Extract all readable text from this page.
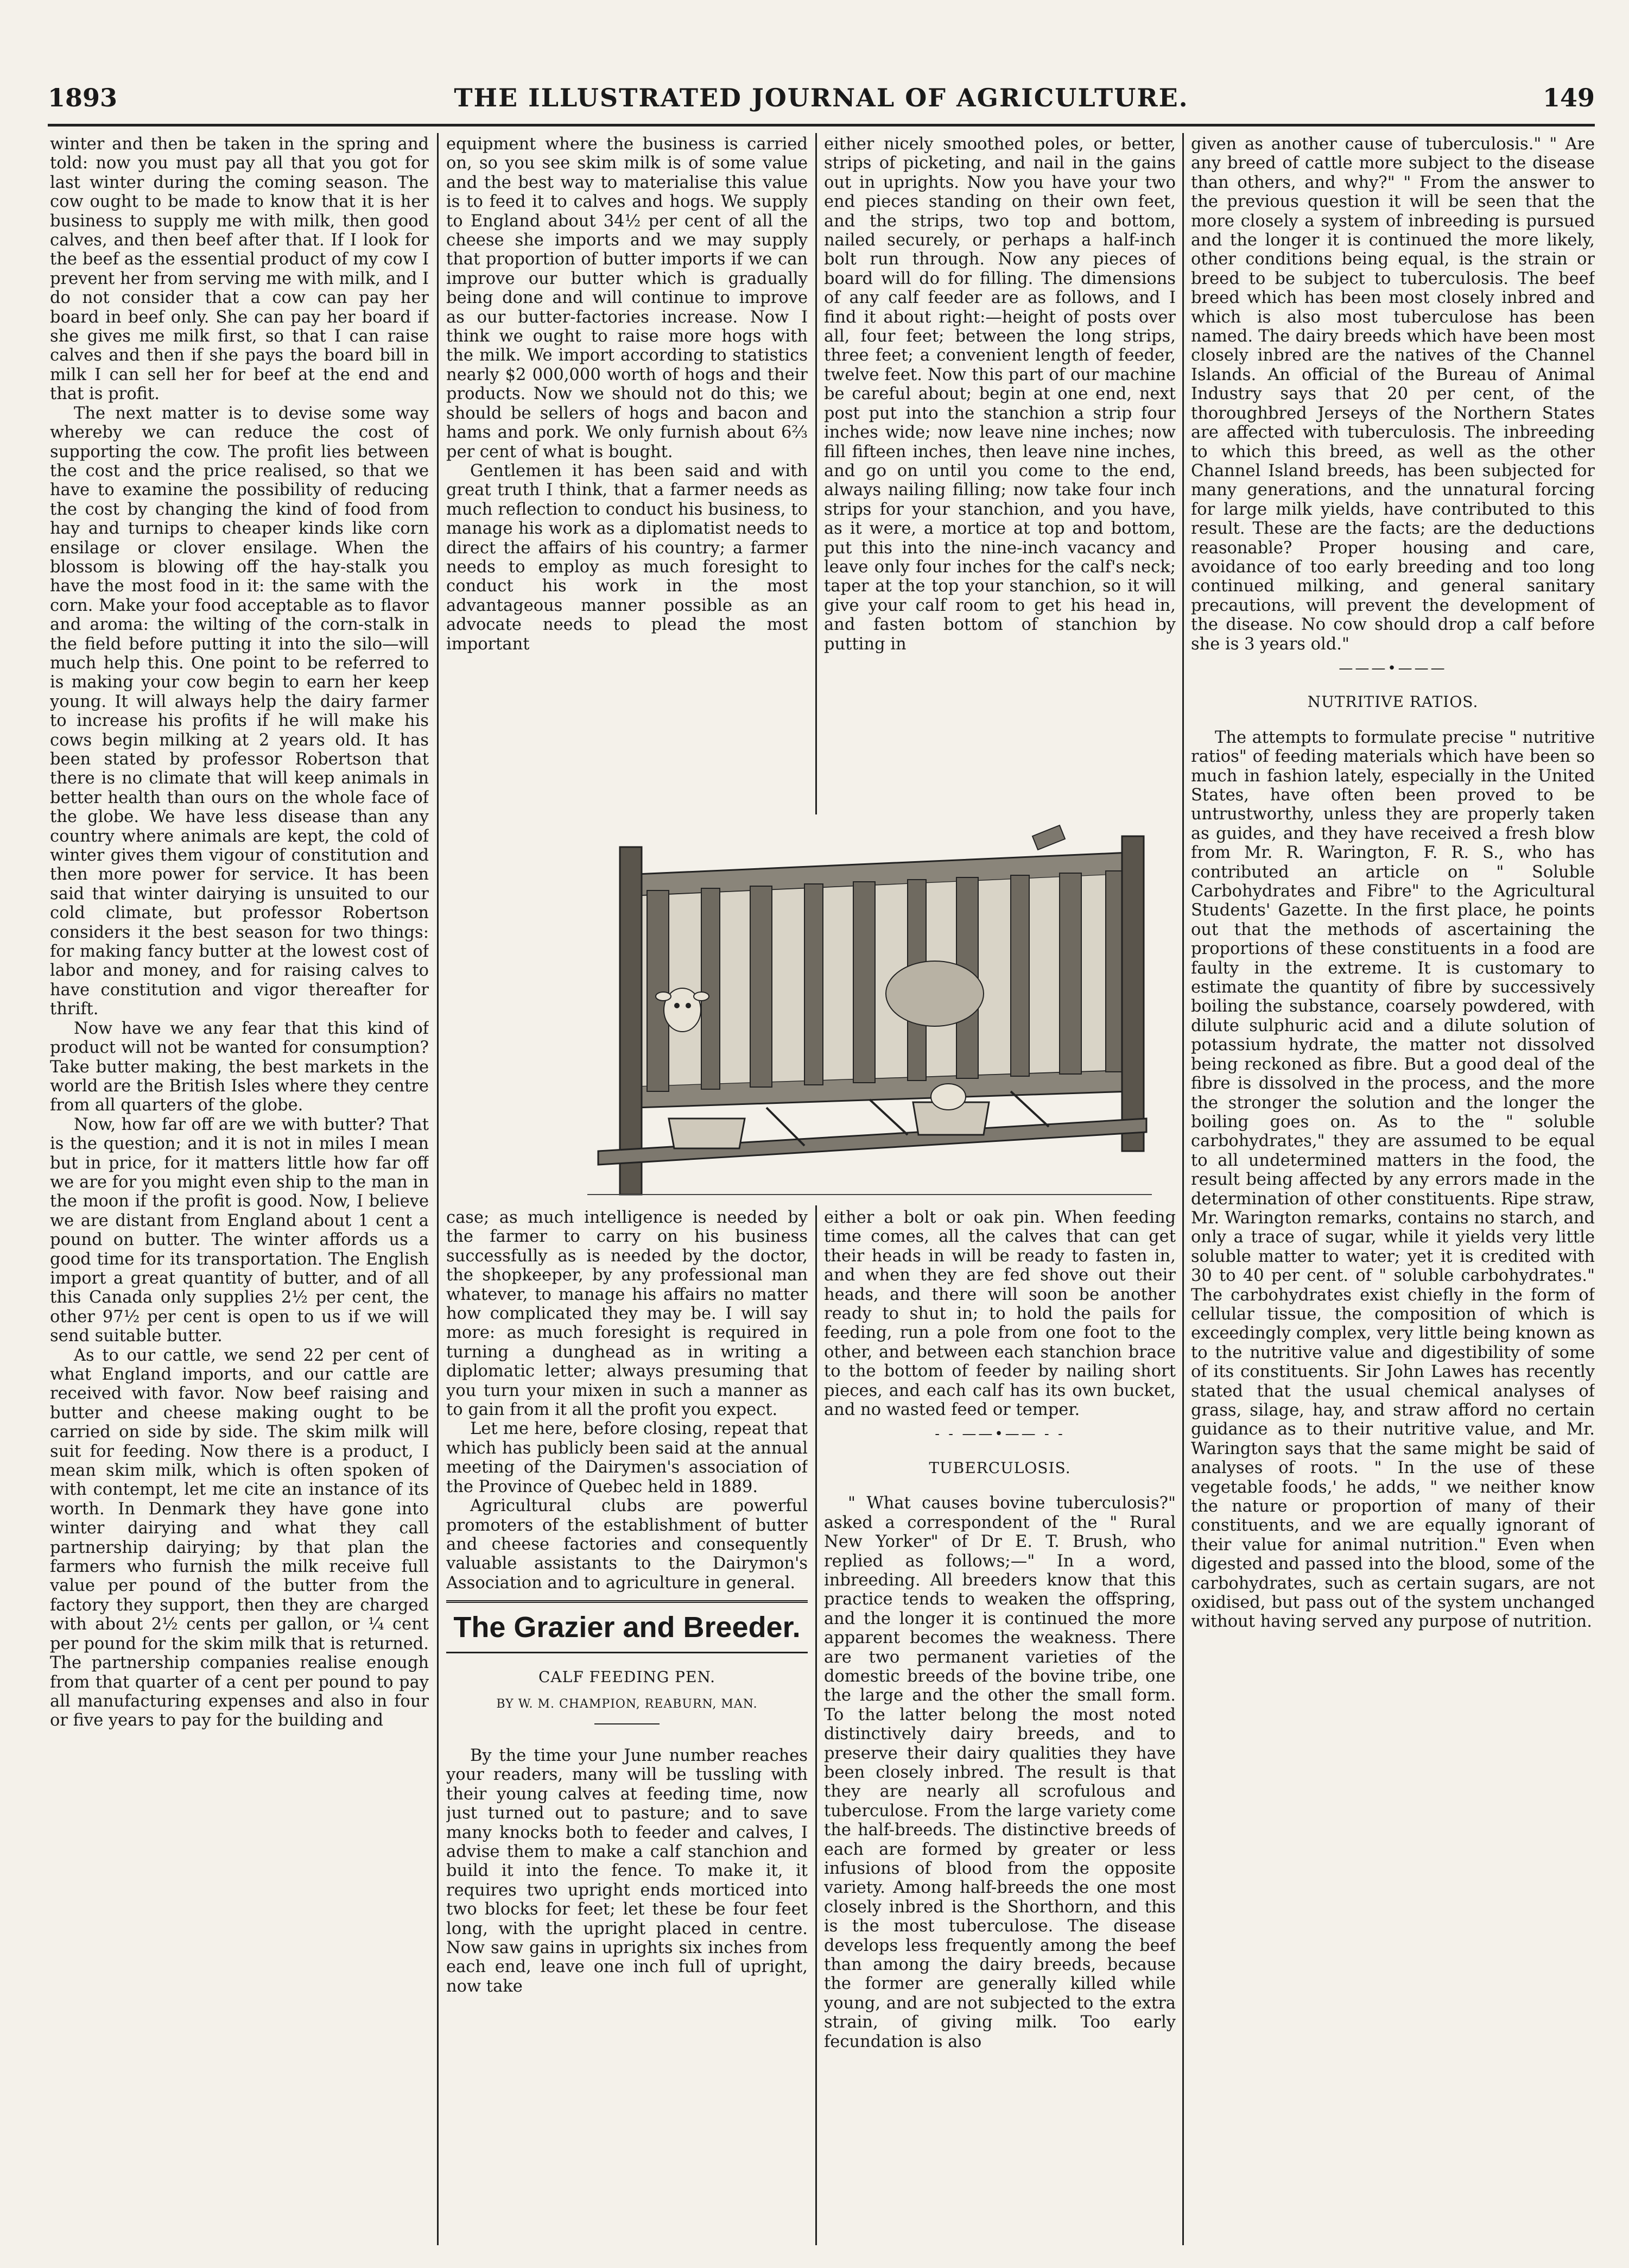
1893	THE ILLUSTRATED JOURNAL OF AGRICULTURE.	149

winter and then be taken in the spring and told: now you must pay all that you got for last winter during the coming season. The cow ought to be made to know that it is her business to supply me with milk, then good calves, and then beef after that. If I look for the beef as the essential product of my cow I prevent her from serving me with milk, and I do not consider that a cow can pay her board in beef only. She can pay her board if she gives me milk first, so that I can raise calves and then if she pays the board bill in milk I can sell her for beef at the end and that is profit.

The next matter is to devise some way whereby we can reduce the cost of supporting the cow. The profit lies between the cost and the price realised, so that we have to examine the possibility of reducing the cost by changing the kind of food from hay and turnips to cheaper kinds like corn ensilage or clover ensilage. When the blossom is blowing off the hay-stalk you have the most food in it: the same with the corn. Make your food acceptable as to flavor and aroma: the wilting of the corn-stalk in the field before putting it into the silo—will much help this. One point to be referred to is making your cow begin to earn her keep young. It will always help the dairy farmer to increase his profits if he will make his cows begin milking at 2 years old. It has been stated by professor Robertson that there is no climate that will keep animals in better health than ours on the whole face of the globe. We have less disease than any country where animals are kept, the cold of winter gives them vigour of constitution and then more power for service. It has been said that winter dairying is unsuited to our cold climate, but professor Robertson considers it the best season for two things: for making fancy butter at the lowest cost of labor and money, and for raising calves to have constitution and vigor thereafter for thrift.

Now have we any fear that this kind of product will not be wanted for consumption? Take butter making, the best markets in the world are the British Isles where they centre from all quarters of the globe.

Now, how far off are we with butter? That is the question; and it is not in miles I mean but in price, for it matters little how far off we are for you might even ship to the man in the moon if the profit is good. Now, I believe we are distant from England about 1 cent a pound on butter. The winter affords us a good time for its transportation. The English import a great quantity of butter, and of all this Canada only supplies 2½ per cent, the other 97½ per cent is open to us if we will send suitable butter.

As to our cattle, we send 22 per cent of what England imports, and our cattle are received with favor. Now beef raising and butter and cheese making ought to be carried on side by side. The skim milk will suit for feeding. Now there is a product, I mean skim milk, which is often spoken of with contempt, let me cite an instance of its worth. In Denmark they have gone into winter dairying and what they call partnership dairying; by that plan the farmers who furnish the milk receive full value per pound of the butter from the factory they support, then they are charged with about 2½ cents per gallon, or ¼ cent per pound for the skim milk that is returned. The partnership companies realise enough from that quarter of a cent per pound to pay all manufacturing expenses and also in four or five years to pay for the building and

equipment where the business is carried on, so you see skim milk is of some value and the best way to materialise this value is to feed it to calves and hogs. We supply to England about 34½ per cent of all the cheese she imports and we may supply that proportion of butter imports if we can improve our butter which is gradually being done and will continue to improve as our butter-factories increase. Now I think we ought to raise more hogs with the milk. We import according to statistics nearly $2 000,000 worth of hogs and their products. Now we should not do this; we should be sellers of hogs and bacon and hams and pork. We only furnish about 6⅔ per cent of what is bought.

Gentlemen it has been said and with great truth I think, that a farmer needs as much reflection to conduct his business, to manage his work as a diplomatist needs to direct the affairs of his country; a farmer needs to employ as much foresight to conduct his work in the most advantageous manner possible as an advocate needs to plead the most important

either nicely smoothed poles, or better, strips of picketing, and nail in the gains out in uprights. Now you have your two end pieces standing on their own feet, and the strips, two top and bottom, nailed securely, or perhaps a half-inch bolt run through. Now any pieces of board will do for filling. The dimensions of any calf feeder are as follows, and I find it about right:—height of posts over all, four feet; between the long strips, three feet; a convenient length of feeder, twelve feet. Now this part of our machine be careful about; begin at one end, next post put into the stanchion a strip four inches wide; now leave nine inches; now fill fifteen inches, then leave nine inches, and go on until you come to the end, always nailing filling; now take four inch strips for your stanchion, and you have, as it were, a mortice at top and bottom, put this into the nine-inch vacancy and leave only four inches for the calf's neck; taper at the top your stanchion, so it will give your calf room to get his head in, and fasten bottom of stanchion by putting in

case; as much intelligence is needed by the farmer to carry on his business successfully as is needed by the doctor, the shopkeeper, by any professional man whatever, to manage his affairs no matter how complicated they may be. I will say more: as much foresight is required in turning a dunghead as in writing a diplomatic letter; always presuming that you turn your mixen in such a manner as to gain from it all the profit you expect.

Let me here, before closing, repeat that which has publicly been said at the annual meeting of the Dairymen's association of the Province of Quebec held in 1889.

Agricultural clubs are powerful promoters of the establishment of butter and cheese factories and consequently valuable assistants to the Dairymon's Association and to agriculture in general.

The Grazier and Breeder.
CALF FEEDING PEN.
BY W. M. CHAMPION, REABURN, MAN.

By the time your June number reaches your readers, many will be tussling with their young calves at feeding time, now just turned out to pasture; and to save many knocks both to feeder and calves, I advise them to make a calf stanchion and build it into the fence. To make it, it requires two upright ends morticed into two blocks for feet; let these be four feet long, with the upright placed in centre. Now saw gains in uprights six inches from each end, leave one inch full of upright, now take

either a bolt or oak pin. When feeding time comes, all the calves that can get their heads in will be ready to fasten in, and when they are fed shove out their heads, and there will soon be another ready to shut in; to hold the pails for feeding, run a pole from one foot to the other, and between each stanchion brace to the bottom of feeder by nailing short pieces, and each calf has its own bucket, and no wasted feed or temper.

- - ——•—— - -
TUBERCULOSIS.

" What causes bovine tuberculosis?" asked a correspondent of the " Rural New Yorker" of Dr E. T. Brush, who replied as follows;—" In a word, inbreeding. All breeders know that this practice tends to weaken the offspring, and the longer it is continued the more apparent becomes the weakness. There are two permanent varieties of the domestic breeds of the bovine tribe, one the large and the other the small form. To the latter belong the most noted distinctively dairy breeds, and to preserve their dairy qualities they have been closely inbred. The result is that they are nearly all scrofulous and tuberculose. From the large variety come the half-breeds. The distinctive breeds of each are formed by greater or less infusions of blood from the opposite variety. Among half-breeds the one most closely inbred is the Shorthorn, and this is the most tuberculose. The disease develops less frequently among the beef than among the dairy breeds, because the former are generally killed while young, and are not subjected to the extra strain, of giving milk. Too early fecundation is also

given as another cause of tuberculosis." " Are any breed of cattle more subject to the disease than others, and why?" " From the answer to the previous question it will be seen that the more closely a system of inbreeding is pursued and the longer it is continued the more likely, other conditions being equal, is the strain or breed to be subject to tuberculosis. The beef breed which has been most closely inbred and which is also most tuberculose has been named. The dairy breeds which have been most closely inbred are the natives of the Channel Islands. An official of the Bureau of Animal Industry says that 20 per cent, of the thoroughbred Jerseys of the Northern States are affected with tuberculosis. The inbreeding to which this breed, as well as the other Channel Island breeds, has been subjected for many generations, and the unnatural forcing for large milk yields, have contributed to this result. These are the facts; are the deductions reasonable? Proper housing and care, avoidance of too early breeding and too long continued milking, and general sanitary precautions, will prevent the development of the disease. No cow should drop a calf before she is 3 years old."

———•———
NUTRITIVE RATIOS.

The attempts to formulate precise " nutritive ratios" of feeding materials which have been so much in fashion lately, especially in the United States, have often been proved to be untrustworthy, unless they are properly taken as guides, and they have received a fresh blow from Mr. R. Warington, F. R. S., who has contributed an article on " Soluble Carbohydrates and Fibre" to the Agricultural Students' Gazette. In the first place, he points out that the methods of ascertaining the proportions of these constituents in a food are faulty in the extreme. It is customary to estimate the quantity of fibre by successively boiling the substance, coarsely powdered, with dilute sulphuric acid and a dilute solution of potassium hydrate, the matter not dissolved being reckoned as fibre. But a good deal of the fibre is dissolved in the process, and the more the stronger the solution and the longer the boiling goes on. As to the " soluble carbohydrates," they are assumed to be equal to all undetermined matters in the food, the result being affected by any errors made in the determination of other constituents. Ripe straw, Mr. Warington remarks, contains no starch, and only a trace of sugar, while it yields very little soluble matter to water; yet it is credited with 30 to 40 per cent. of " soluble carbohydrates." The carbohydrates exist chiefly in the form of cellular tissue, the composition of which is exceedingly complex, very little being known as to the nutritive value and digestibility of some of its constituents. Sir John Lawes has recently stated that the usual chemical analyses of grass, silage, hay, and straw afford no certain guidance as to their nutritive value, and Mr. Warington says that the same might be said of analyses of roots. " In the use of these vegetable foods,' he adds, " we neither know the nature or proportion of many of their constituents, and we are equally ignorant of their value for animal nutrition." Even when digested and passed into the blood, some of the carbohydrates, such as certain sugars, are not oxidised, but pass out of the system unchanged without having served any purpose of nutrition.
